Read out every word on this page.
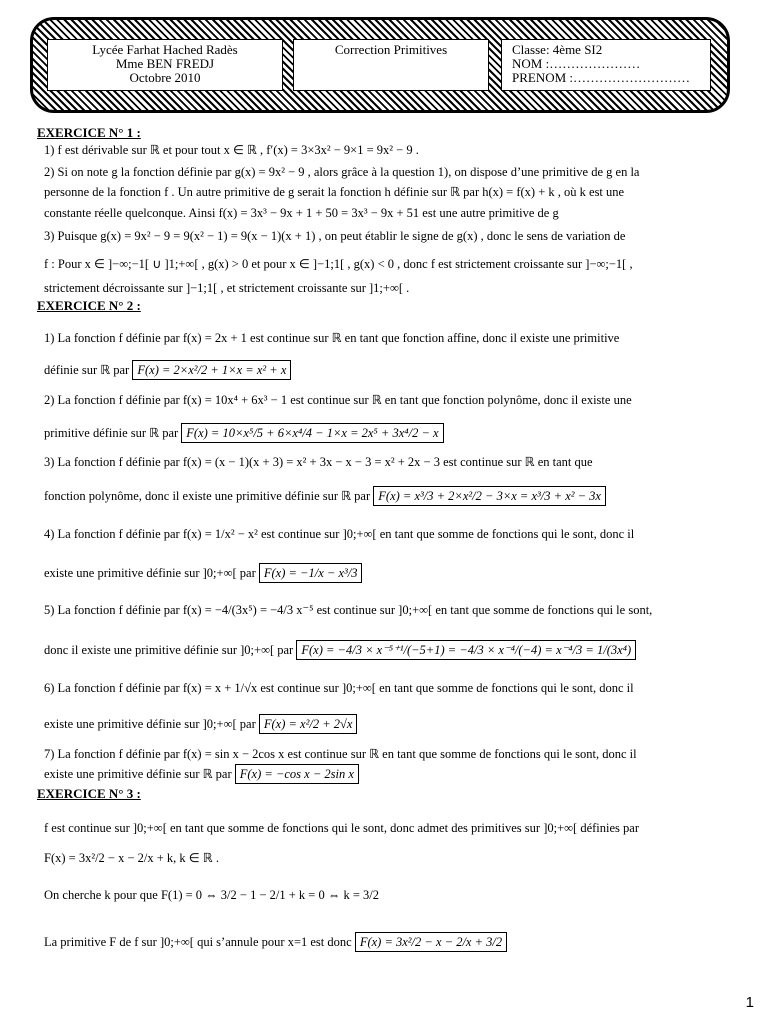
Lycée Farhat Hached Radès
Mme BEN FREDJ
Octobre 2010
Correction Primitives	Classe: 4ème SI2
NOM :…………………
PRENOM :………………………
EXERCICE N° 1 :
1) f est dérivable sur ℝ et pour tout x ∈ ℝ , f′(x) = 3×3x² − 9×1 = 9x² − 9 .
2) Si on note g la fonction définie par g(x) = 9x² − 9 , alors grâce à la question 1), on dispose d’une primitive de g en la
personne de la fonction f . Un autre primitive de g serait la fonction h définie sur ℝ par h(x) = f(x) + k , où k est une
constante réelle quelconque. Ainsi f(x) = 3x³ − 9x + 1 + 50 = 3x³ − 9x + 51 est une autre primitive de g
3) Puisque g(x) = 9x² − 9 = 9(x² − 1) = 9(x − 1)(x + 1) , on peut établir le signe de g(x) , donc le sens de variation de
f : Pour x ∈ ]−∞;−1[ ∪ ]1;+∞[ , g(x) > 0 et pour x ∈ ]−1;1[ , g(x) < 0 , donc f est strictement croissante sur ]−∞;−1[ ,
strictement décroissante sur ]−1;1[ , et strictement croissante sur ]1;+∞[ .
EXERCICE N° 2 :
1) La fonction f définie par f(x) = 2x + 1 est continue sur ℝ en tant que fonction affine, donc il existe une primitive
définie sur ℝ par F(x) = 2×x²/2 + 1×x = x² + x
2) La fonction f définie par f(x) = 10x⁴ + 6x³ − 1 est continue sur ℝ en tant que fonction polynôme, donc il existe une
primitive définie sur ℝ par F(x) = 10×x⁵/5 + 6×x⁴/4 − 1×x = 2x⁵ + 3x⁴/2 − x
3) La fonction f définie par f(x) = (x − 1)(x + 3) = x² + 3x − x − 3 = x² + 2x − 3 est continue sur ℝ en tant que
fonction polynôme, donc il existe une primitive définie sur ℝ par F(x) = x³/3 + 2×x²/2 − 3×x = x³/3 + x² − 3x
4) La fonction f définie par f(x) = 1/x² − x² est continue sur ]0;+∞[ en tant que somme de fonctions qui le sont, donc il
existe une primitive définie sur ]0;+∞[ par F(x) = −1/x − x³/3
5) La fonction f définie par f(x) = −4/(3x⁵) = −4/3 x⁻⁵ est continue sur ]0;+∞[ en tant que somme de fonctions qui le sont,
donc il existe une primitive définie sur ]0;+∞[ par F(x) = −4/3 × x⁻⁵⁺¹/(−5+1) = −4/3 × x⁻⁴/(−4) = x⁻⁴/3 = 1/(3x⁴)
6) La fonction f définie par f(x) = x + 1/√x est continue sur ]0;+∞[ en tant que somme de fonctions qui le sont, donc il
existe une primitive définie sur ]0;+∞[ par F(x) = x²/2 + 2√x
7) La fonction f définie par f(x) = sin x − 2cos x est continue sur ℝ en tant que somme de fonctions qui le sont, donc il
existe une primitive définie sur ℝ par F(x) = −cos x − 2sin x
EXERCICE N° 3 :
f est continue sur ]0;+∞[ en tant que somme de fonctions qui le sont, donc admet des primitives sur ]0;+∞[ définies par
F(x) = 3x²/2 − x − 2/x + k, k ∈ ℝ .
On cherche k pour que F(1) = 0 ⇔ 3/2 − 1 − 2/1 + k = 0 ⇔ k = 3/2
La primitive F de f sur ]0;+∞[ qui s’annule pour x=1 est donc F(x) = 3x²/2 − x − 2/x + 3/2
1
